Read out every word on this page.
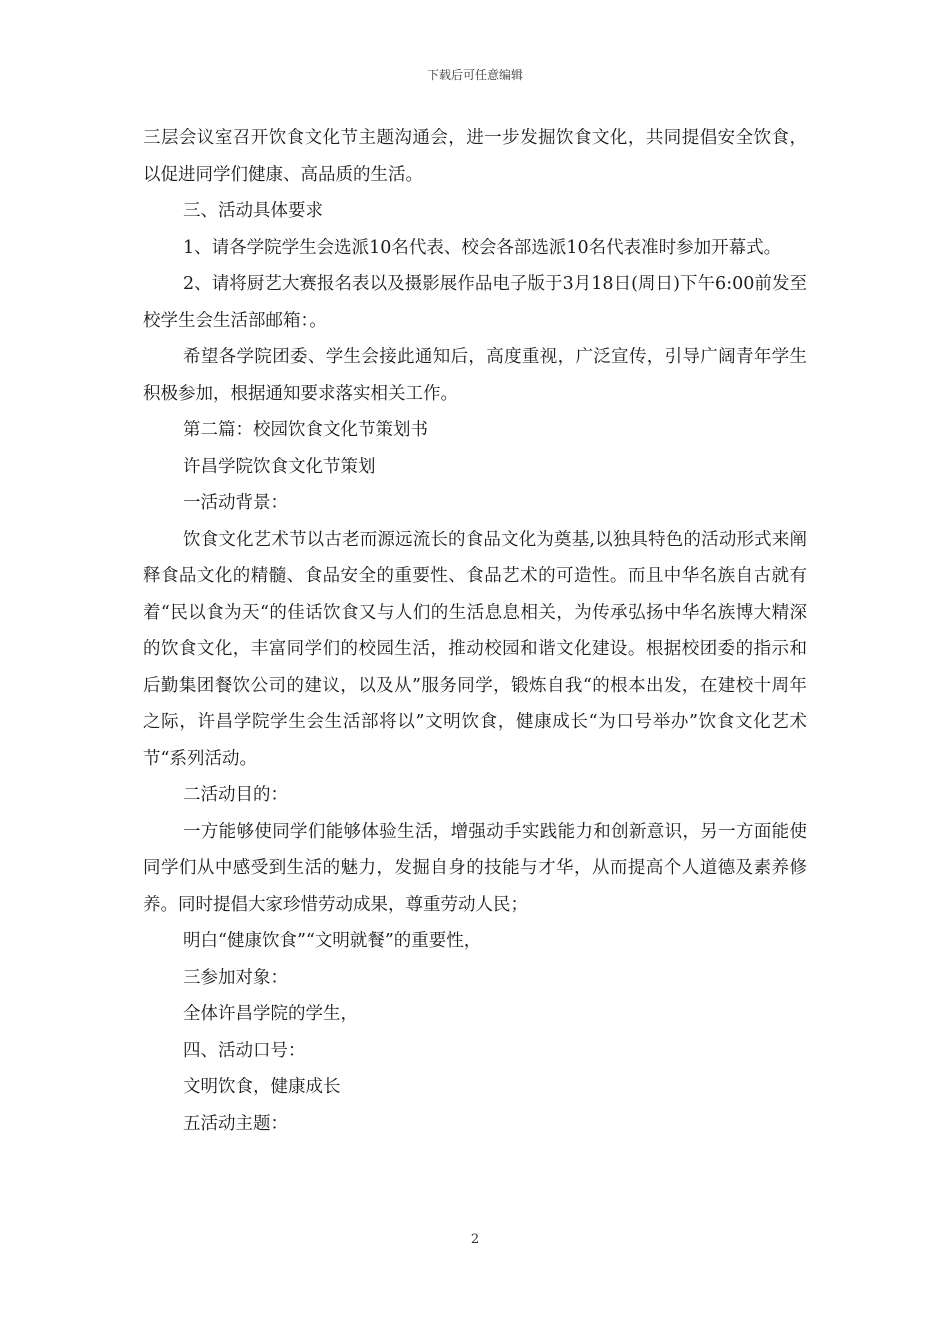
下载后可任意编辑

三层会议室召开饮食文化节主题沟通会，进一步发掘饮食文化，共同提倡安全饮食，以促进同学们健康、高品质的生活。

三、活动具体要求

1、请各学院学生会选派10名代表、校会各部选派10名代表准时参加开幕式。

2、请将厨艺大赛报名表以及摄影展作品电子版于3月18日(周日)下午6:00前发至校学生会生活部邮箱：。

希望各学院团委、学生会接此通知后，高度重视，广泛宣传，引导广阔青年学生积极参加，根据通知要求落实相关工作。

第二篇：校园饮食文化节策划书

许昌学院饮食文化节策划

一活动背景：

饮食文化艺术节以古老而源远流长的食品文化为奠基,以独具特色的活动形式来阐释食品文化的精髓、食品安全的重要性、食品艺术的可造性。而且中华名族自古就有着“民以食为天“的佳话饮食又与人们的生活息息相关，为传承弘扬中华名族博大精深的饮食文化，丰富同学们的校园生活，推动校园和谐文化建设。根据校团委的指示和后勤集团餐饮公司的建议，以及从”服务同学，锻炼自我“的根本出发，在建校十周年之际，许昌学院学生会生活部将以”文明饮食，健康成长“为口号举办”饮食文化艺术节“系列活动。

二活动目的：

一方能够使同学们能够体验生活，增强动手实践能力和创新意识，另一方面能使同学们从中感受到生活的魅力，发掘自身的技能与才华，从而提高个人道德及素养修养。同时提倡大家珍惜劳动成果，尊重劳动人民；

明白“健康饮食”“文明就餐”的重要性，

三参加对象：

全体许昌学院的学生，

四、活动口号：

文明饮食，健康成长

五活动主题：

2
